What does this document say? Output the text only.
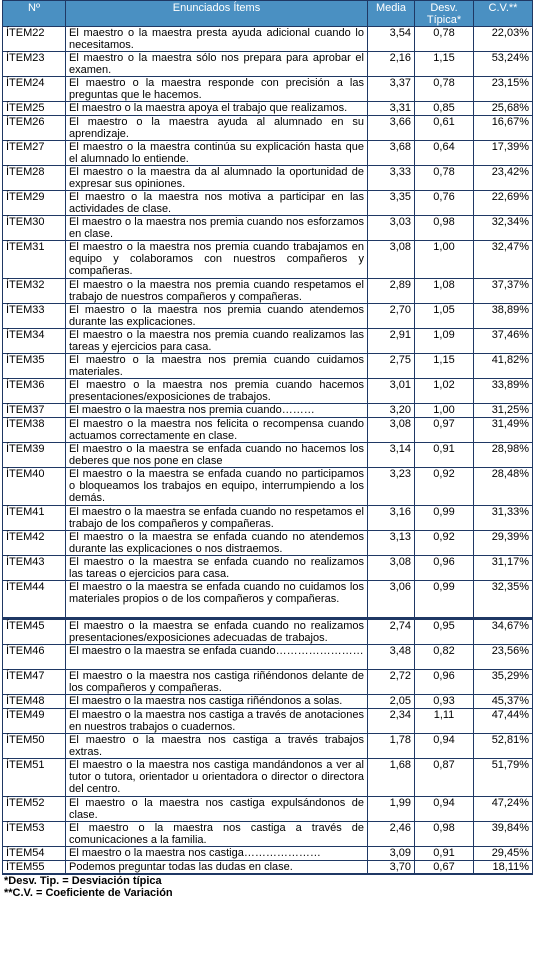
Nº	Enunciados Ítems	Media	Desv. Típica*	C.V.**
ÍTEM22	El maestro o la maestra presta ayuda adicional cuando lo necesitamos.	3,54	0,78	22,03%
ÍTEM23	El maestro o la maestra sólo nos prepara para aprobar el examen.	2,16	1,15	53,24%
ÍTEM24	El maestro o la maestra responde con precisión a las preguntas que le hacemos.	3,37	0,78	23,15%
ÍTEM25	El maestro o la maestra apoya el trabajo que realizamos.	3,31	0,85	25,68%
ÍTEM26	El maestro o la maestra ayuda al alumnado en su aprendizaje.	3,66	0,61	16,67%
ÍTEM27	El maestro o la maestra continúa su explicación hasta que el alumnado lo entiende.	3,68	0,64	17,39%
ÍTEM28	El maestro o la maestra da al alumnado la oportunidad de expresar sus opiniones.	3,33	0,78	23,42%
ÍTEM29	El maestro o la maestra nos motiva a participar en las actividades de clase.	3,35	0,76	22,69%
ÍTEM30	El maestro o la maestra nos premia cuando nos esforzamos en clase.	3,03	0,98	32,34%
ÍTEM31	El maestro o la maestra nos premia cuando trabajamos en equipo y colaboramos con nuestros compañeros y compañeras.	3,08	1,00	32,47%
ÍTEM32	El maestro o la maestra nos premia cuando respetamos el trabajo de nuestros compañeros y compañeras.	2,89	1,08	37,37%
ÍTEM33	El maestro o la maestra nos premia cuando atendemos durante las explicaciones.	2,70	1,05	38,89%
ÍTEM34	El maestro o la maestra nos premia cuando realizamos las tareas y ejercicios para casa.	2,91	1,09	37,46%
ÍTEM35	El maestro o la maestra nos premia cuando cuidamos materiales.	2,75	1,15	41,82%
ÍTEM36	El maestro o la maestra nos premia cuando hacemos presentaciones/exposiciones de trabajos.	3,01	1,02	33,89%
ÍTEM37	El maestro o la maestra nos premia cuando………	3,20	1,00	31,25%
ÍTEM38	El maestro o la maestra nos felicita o recompensa cuando actuamos correctamente en clase.	3,08	0,97	31,49%
ÍTEM39	El maestro o la maestra se enfada cuando no hacemos los deberes que nos pone en clase	3,14	0,91	28,98%
ÍTEM40	El maestro o la maestra se enfada cuando no participamos o bloqueamos los trabajos en equipo, interrumpiendo a los demás.	3,23	0,92	28,48%
ÍTEM41	El maestro o la maestra se enfada cuando no respetamos el trabajo de los compañeros y compañeras.	3,16	0,99	31,33%
ÍTEM42	El maestro o la maestra se enfada cuando no atendemos durante las explicaciones o nos distraemos.	3,13	0,92	29,39%
ÍTEM43	El maestro o la maestra se enfada cuando no realizamos las tareas o ejercicios para casa.	3,08	0,96	31,17%
ÍTEM44	El maestro o la maestra se enfada cuando no cuidamos los materiales propios o de los compañeros y compañeras.	3,06	0,99	32,35%
ÍTEM45	El maestro o la maestra se enfada cuando no realizamos presentaciones/exposiciones adecuadas de trabajos.	2,74	0,95	34,67%
ÍTEM46	El maestro o la maestra se enfada cuando……………………	3,48	0,82	23,56%
ÍTEM47	El maestro o la maestra nos castiga riñéndonos delante de los compañeros y compañeras.	2,72	0,96	35,29%
ÍTEM48	El maestro o la maestra nos castiga riñéndonos a solas.	2,05	0,93	45,37%
ÍTEM49	El maestro o la maestra nos castiga a través de anotaciones en nuestros trabajos o cuadernos.	2,34	1,11	47,44%
ÍTEM50	El maestro o la maestra nos castiga a través trabajos extras.	1,78	0,94	52,81%
ÍTEM51	El maestro o la maestra nos castiga mandándonos a ver al tutor o tutora, orientador u orientadora o director o directora del centro.	1,68	0,87	51,79%
ÍTEM52	El maestro o la maestra nos castiga expulsándonos de clase.	1,99	0,94	47,24%
ÍTEM53	El maestro o la maestra nos castiga a través de comunicaciones a la familia.	2,46	0,98	39,84%
ÍTEM54	El maestro o la maestra nos castiga…………………	3,09	0,91	29,45%
ÍTEM55	Podemos preguntar todas las dudas en clase.	3,70	0,67	18,11%
*Desv. Tip. = Desviación típica
**C.V. = Coeficiente de Variación
